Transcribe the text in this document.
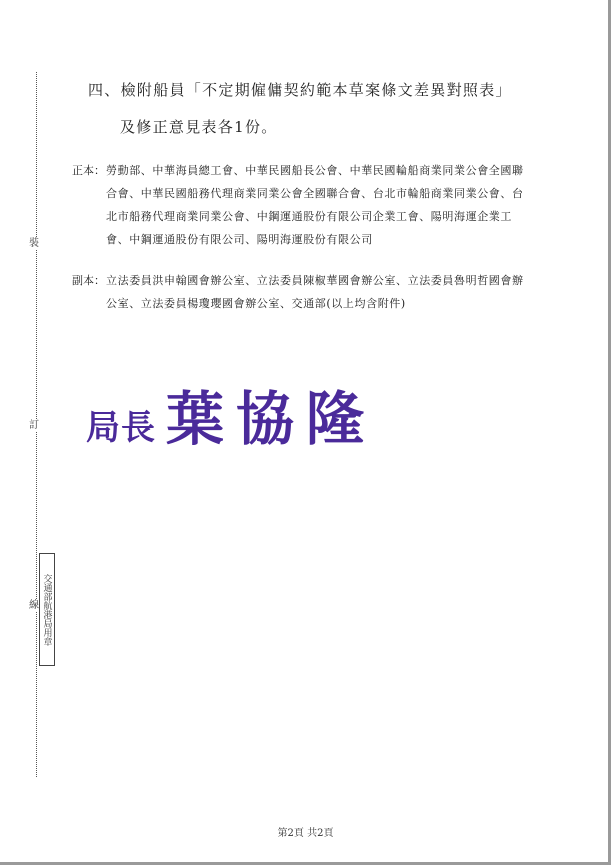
裝
訂
線 交通部航港局用章
四、檢附船員「不定期僱傭契約範本草案條文差異對照表」
及修正意見表各1份。
正本： 勞動部、中華海員總工會、中華民國船長公會、中華民國輪船商業同業公會全國聯合會、中華民國船務代理商業同業公會全國聯合會、台北市輪船商業同業公會、台北市船務代理商業同業公會、中鋼運通股份有限公司企業工會、陽明海運企業工會、中鋼運通股份有限公司、陽明海運股份有限公司
副本： 立法委員洪申翰國會辦公室、立法委員陳椒華國會辦公室、立法委員魯明哲國會辦公室、立法委員楊瓊瓔國會辦公室、交通部(以上均含附件)
局長 葉協隆
第2頁 共2頁
